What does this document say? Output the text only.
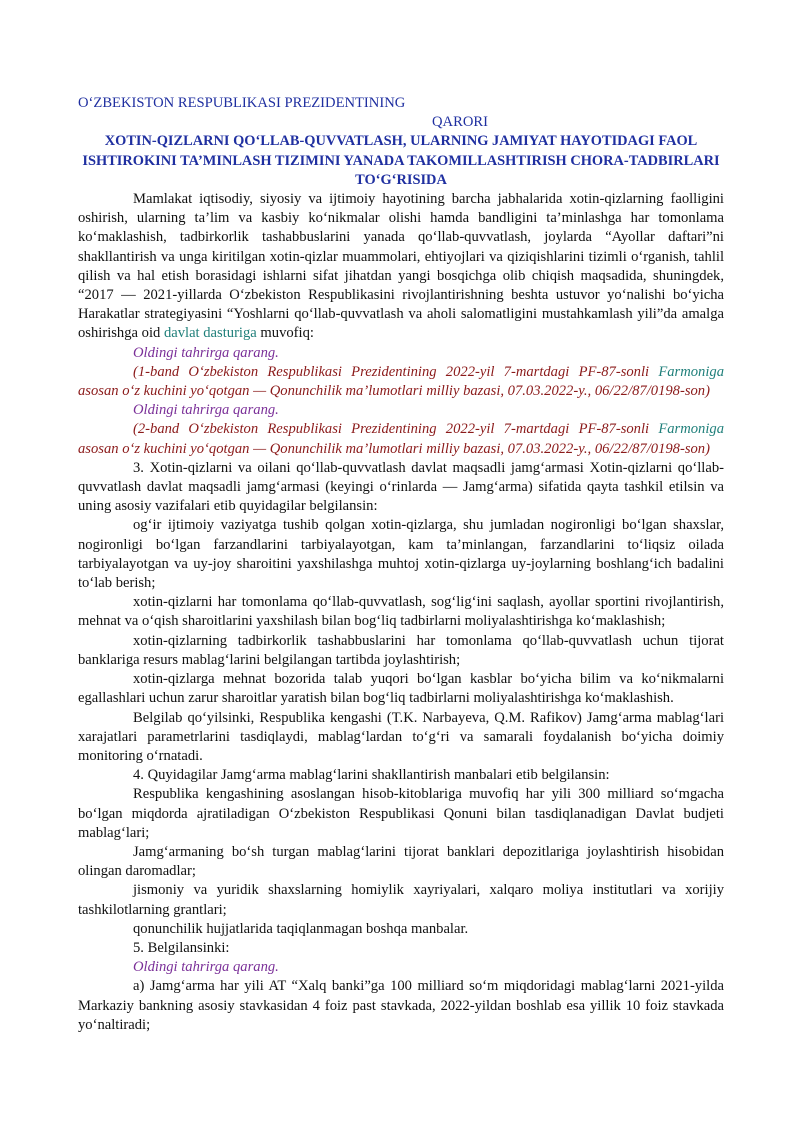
O‘ZBEKISTON RESPUBLIKASI PREZIDENTINING
QARORI
XOTIN-QIZLARNI QO‘LLAB-QUVVATLASH, ULARNING JAMIYAT HAYOTIDAGI FAOL ISHTIROKINI TA’MINLASH TIZIMINI YANADA TAKOMILLASHTIRISH CHORA-TADBIRLARI TO‘G‘RISIDA

Mamlakat iqtisodiy, siyosiy va ijtimoiy hayotining barcha jabhalarida xotin-qizlarning faolligini oshirish, ularning ta’lim va kasbiy ko‘nikmalar olishi hamda bandligini ta’minlashga har tomonlama ko‘maklashish, tadbirkorlik tashabbuslarini yanada qo‘llab-quvvatlash, joylarda “Ayollar daftari”ni shakllantirish va unga kiritilgan xotin-qizlar muammolari, ehtiyojlari va qiziqishlarini tizimli o‘rganish, tahlil qilish va hal etish borasidagi ishlarni sifat jihatdan yangi bosqichga olib chiqish maqsadida, shuningdek, “2017 — 2021-yillarda O‘zbekiston Respublikasini rivojlantirishning beshta ustuvor yo‘nalishi bo‘yicha Harakatlar strategiyasini “Yoshlarni qo‘llab-quvvatlash va aholi salomatligini mustahkamlash yili”da amalga oshirishga oid davlat dasturiga muvofiq:

Oldingi tahrirga qarang.
(1-band O‘zbekiston Respublikasi Prezidentining 2022-yil 7-martdagi PF-87-sonli Farmoniga asosan o‘z kuchini yo‘qotgan — Qonunchilik ma’lumotlari milliy bazasi, 07.03.2022-y., 06/22/87/0198-son)
Oldingi tahrirga qarang.
(2-band O‘zbekiston Respublikasi Prezidentining 2022-yil 7-martdagi PF-87-sonli Farmoniga asosan o‘z kuchini yo‘qotgan — Qonunchilik ma’lumotlari milliy bazasi, 07.03.2022-y., 06/22/87/0198-son)

3. Xotin-qizlarni va oilani qo‘llab-quvvatlash davlat maqsadli jamg‘armasi Xotin-qizlarni qo‘llab-quvvatlash davlat maqsadli jamg‘armasi (keyingi o‘rinlarda — Jamg‘arma) sifatida qayta tashkil etilsin va uning asosiy vazifalari etib quyidagilar belgilansin:

og‘ir ijtimoiy vaziyatga tushib qolgan xotin-qizlarga, shu jumladan nogironligi bo‘lgan shaxslar, nogironligi bo‘lgan farzandlarini tarbiyalayotgan, kam ta’minlangan, farzandlarini to‘liqsiz oilada tarbiyalayotgan va uy-joy sharoitini yaxshilashga muhtoj xotin-qizlarga uy-joylarning boshlang‘ich badalini to‘lab berish;

xotin-qizlarni har tomonlama qo‘llab-quvvatlash, sog‘lig‘ini saqlash, ayollar sportini rivojlantirish, mehnat va o‘qish sharoitlarini yaxshilash bilan bog‘liq tadbirlarni moliyalashtirishga ko‘maklashish;

xotin-qizlarning tadbirkorlik tashabbuslarini har tomonlama qo‘llab-quvvatlash uchun tijorat banklariga resurs mablag‘larini belgilangan tartibda joylashtirish;

xotin-qizlarga mehnat bozorida talab yuqori bo‘lgan kasblar bo‘yicha bilim va ko‘nikmalarni egallashlari uchun zarur sharoitlar yaratish bilan bog‘liq tadbirlarni moliyalashtirishga ko‘maklashish.

Belgilab qo‘yilsinki, Respublika kengashi (T.K. Narbayeva, Q.M. Rafikov) Jamg‘arma mablag‘lari xarajatlari parametrlarini tasdiqlaydi, mablag‘lardan to‘g‘ri va samarali foydalanish bo‘yicha doimiy monitoring o‘rnatadi.

4. Quyidagilar Jamg‘arma mablag‘larini shakllantirish manbalari etib belgilansin:

Respublika kengashining asoslangan hisob-kitoblariga muvofiq har yili 300 milliard so‘mgacha bo‘lgan miqdorda ajratiladigan O‘zbekiston Respublikasi Qonuni bilan tasdiqlanadigan Davlat budjeti mablag‘lari;

Jamg‘armaning bo‘sh turgan mablag‘larini tijorat banklari depozitlariga joylashtirish hisobidan olingan daromadlar;

jismoniy va yuridik shaxslarning homiylik xayriyalari, xalqaro moliya institutlari va xorijiy tashkilotlarning grantlari;

qonunchilik hujjatlarida taqiqlanmagan boshqa manbalar.

5. Belgilansinki:

Oldingi tahrirga qarang.

a) Jamg‘arma har yili AT “Xalq banki”ga 100 milliard so‘m miqdoridagi mablag‘larni 2021-yilda Markaziy bankning asosiy stavkasidan 4 foiz past stavkada, 2022-yildan boshlab esa yillik 10 foiz stavkada yo‘naltiradi;
